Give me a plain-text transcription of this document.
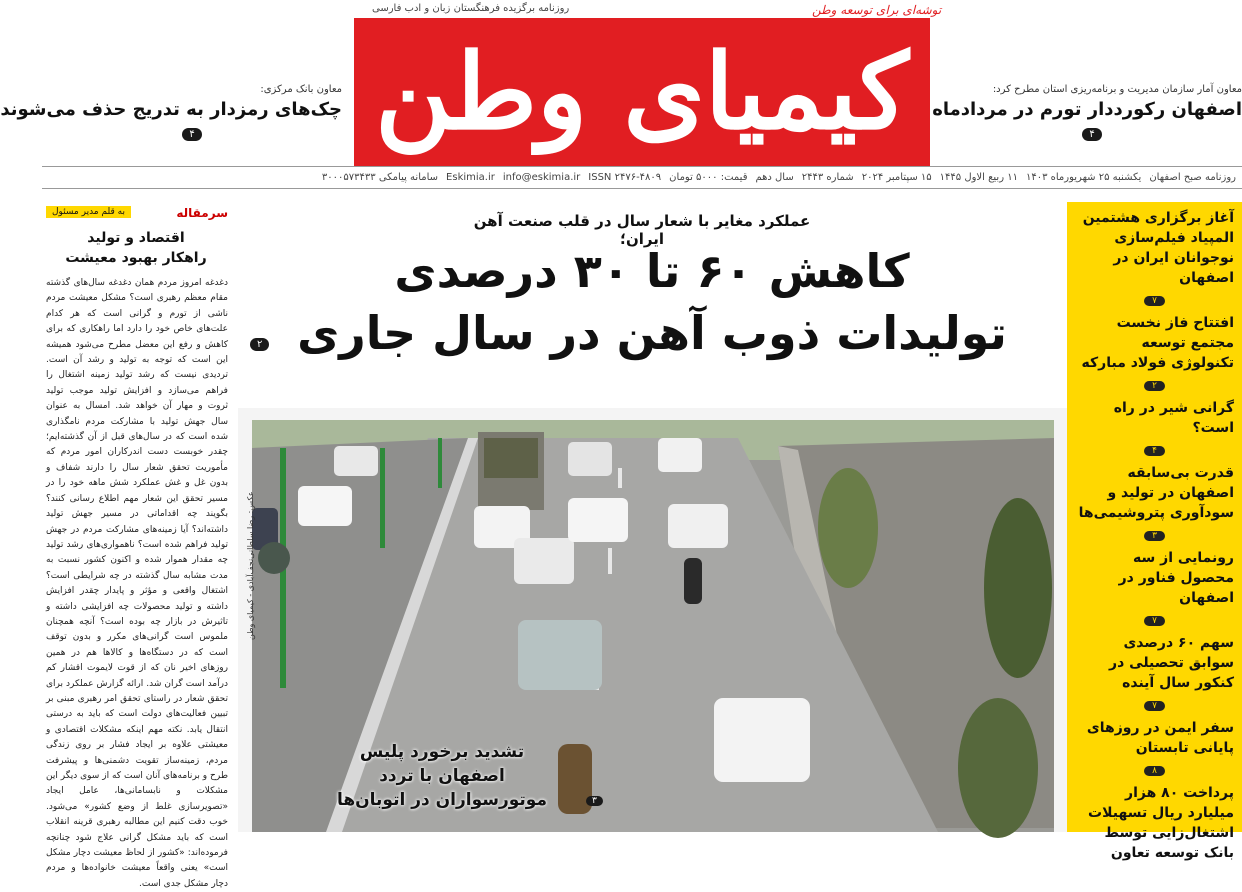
روزنامه برگزیده فرهنگستان زبان و ادب فارسی	توشه‌ای برای توسعه وطن
کیمیای وطن
معاون بانک مرکزی:
چک‌های رمزدار به تدریج حذف می‌شوند
۴
معاون آمار سازمان مدیریت و برنامه‌ریزی استان مطرح کرد:
اصفهان رکورددار تورم در مردادماه
۴
روزنامه صبح اصفهان
یکشنبه ۲۵ شهریورماه ۱۴۰۳
۱۱ ربیع الاول ۱۴۴۵
۱۵ سپتامبر ۲۰۲۴
شماره ۲۴۴۳
سال دهم
قیمت: ۵۰۰۰ تومان
ISSN ۲۴۷۶-۴۸۰۹
info@eskimia.ir
Eskimia.ir
سامانه پیامکی ۳۰۰۰۵۷۳۴۳۳
سرمقاله
به قلم مدیر مسئول
اقتصاد و تولید
راهکار بهبود معیشت
دغدغه امروز مردم همان دغدغه سال‌های گذشته مقام معظم رهبری است؟ مشکل معیشت مردم ناشی از تورم و گرانی است که هر کدام علت‌های خاص خود را دارد اما راهکاری که برای کاهش و رفع این معضل مطرح می‌شود همیشه این است که توجه به تولید و رشد آن است. تردیدی نیست که رشد تولید زمینه اشتغال را فراهم می‌سازد و افزایش تولید موجب تولید ثروت و مهار آن خواهد شد. امسال به عنوان سال جهش تولید با مشارکت مردم نامگذاری شده است که در سال‌های قبل از آن گذشته‌ایم؛ چقدر خوبست دست اندرکاران امور مردم که مأموریت تحقق شعار سال را دارند شفاف و بدون غل و غش عملکرد شش ماهه خود را در مسیر تحقق این شعار مهم اطلاع رسانی کنند؟ بگویند چه اقداماتی در مسیر جهش تولید داشته‌اند؟ آیا زمینه‌های مشارکت مردم در جهش تولید فراهم شده است؟ ناهمواری‌های رشد تولید چه مقدار هموار شده و اکنون کشور نسبت به مدت مشابه سال گذشته در چه شرایطی است؟ اشتغال واقعی و مؤثر و پایدار چقدر افزایش داشته و تولید محصولات چه افزایشی داشته و تاثیرش در بازار چه بوده است؟ آنچه همچنان ملموس است گرانی‌های مکرر و بدون توقف است که در دستگاه‌ها و کالاها هم در همین روزهای اخیر نان که از قوت لایموت اقشار کم درآمد است گران شد. ارائه گزارش عملکرد برای تحقق شعار در راستای تحقق امر رهبری مبنی بر تبیین فعالیت‌های دولت است که باید به درستی انتقال یابد. نکته مهم اینکه مشکلات اقتصادی و معیشتی علاوه بر ایجاد فشار بر روی زندگی مردم، زمینه‌ساز تقویت دشمنی‌ها و پیشرفت طرح و برنامه‌های آنان است که از سوی دیگر این مشکلات و نابسامانی‌ها، عامل ایجاد «تصویرسازی غلط از وضع کشور» می‌شود. خوب دقت کنیم این مطالبه رهبری قرینه انقلاب است که باید مشکل گرانی علاج شود چنانچه فرموده‌اند: «کشور از لحاظ معیشت دچار مشکل است» یعنی واقعاً معیشت خانواده‌ها و مردم دچار مشکل جدی است.
عملکرد مغایر با شعار سال در قلب صنعت آهن ایران؛
کاهش ۶۰ تا ۳۰ درصدی
تولیدات ذوب آهن در سال جاری
۲
عکس: رضا سلطانی‌نجف‌آبادی - کیمیای وطن
تشدید برخورد پلیس
اصفهان با تردد
موتورسواران در اتوبان‌ها	۳
آغاز برگزاری هشتمین المپیاد فیلم‌سازی نوجوانان ایران در اصفهان
۷
افتتاح فاز نخست مجتمع توسعه تکنولوژی فولاد مبارکه
۲
گرانی شیر در راه است؟
۴
قدرت بی‌سابقه اصفهان در تولید و سودآوری پتروشیمی‌ها
۳
رونمایی از سه محصول فناور در اصفهان
۷
سهم ۶۰ درصدی سوابق تحصیلی در کنکور سال آینده
۷
سفر ایمن در روزهای پایانی تابستان
۸
پرداخت ۸۰ هزار میلیارد ریال تسهیلات اشتغال‌زایی توسط بانک توسعه تعاون
